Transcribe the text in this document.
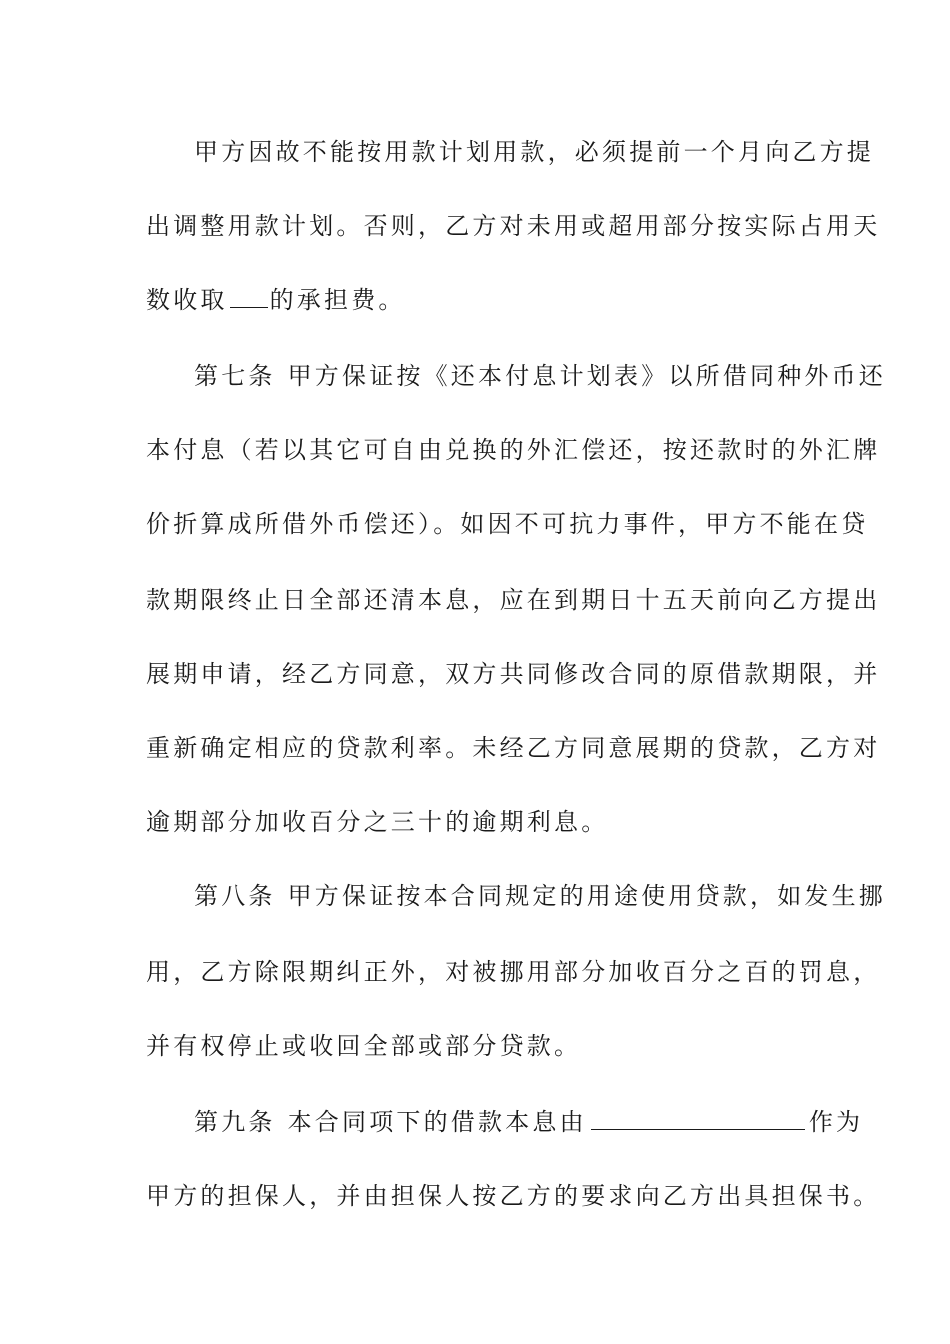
甲方因故不能按用款计划用款，必须提前一个月向乙方提
出调整用款计划。否则，乙方对未用或超用部分按实际占用天
数收取 的承担费。
第七条 甲方保证按《还本付息计划表》以所借同种外币还
本付息（若以其它可自由兑换的外汇偿还，按还款时的外汇牌
价折算成所借外币偿还）。如因不可抗力事件，甲方不能在贷
款期限终止日全部还清本息，应在到期日十五天前向乙方提出
展期申请，经乙方同意，双方共同修改合同的原借款期限，并
重新确定相应的贷款利率。未经乙方同意展期的贷款，乙方对
逾期部分加收百分之三十的逾期利息。
第八条 甲方保证按本合同规定的用途使用贷款，如发生挪
用，乙方除限期纠正外，对被挪用部分加收百分之百的罚息，
并有权停止或收回全部或部分贷款。
第九条 本合同项下的借款本息由	作为
甲方的担保人，并由担保人按乙方的要求向乙方出具担保书。
